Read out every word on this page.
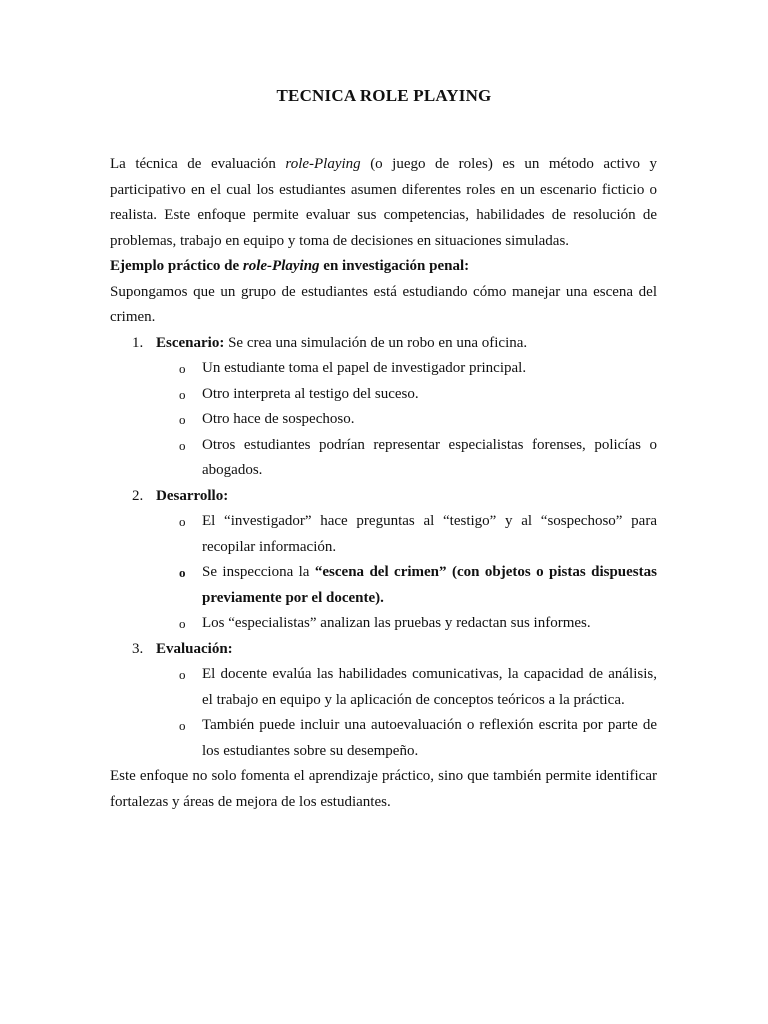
TECNICA ROLE PLAYING

La técnica de evaluación role-Playing (o juego de roles) es un método activo y participativo en el cual los estudiantes asumen diferentes roles en un escenario ficticio o realista. Este enfoque permite evaluar sus competencias, habilidades de resolución de problemas, trabajo en equipo y toma de decisiones en situaciones simuladas.

Ejemplo práctico de role-Playing en investigación penal:

Supongamos que un grupo de estudiantes está estudiando cómo manejar una escena del crimen.

1. Escenario: Se crea una simulación de un robo en una oficina.

o Un estudiante toma el papel de investigador principal.

o Otro interpreta al testigo del suceso.

o Otro hace de sospechoso.

o Otros estudiantes podrían representar especialistas forenses, policías o abogados.

2. Desarrollo:

o El “investigador” hace preguntas al “testigo” y al “sospechoso” para recopilar información.

o Se inspecciona la “escena del crimen” (con objetos o pistas dispuestas previamente por el docente).

o Los “especialistas” analizan las pruebas y redactan sus informes.

3. Evaluación:

o El docente evalúa las habilidades comunicativas, la capacidad de análisis, el trabajo en equipo y la aplicación de conceptos teóricos a la práctica.

o También puede incluir una autoevaluación o reflexión escrita por parte de los estudiantes sobre su desempeño.

Este enfoque no solo fomenta el aprendizaje práctico, sino que también permite identificar fortalezas y áreas de mejora de los estudiantes.
